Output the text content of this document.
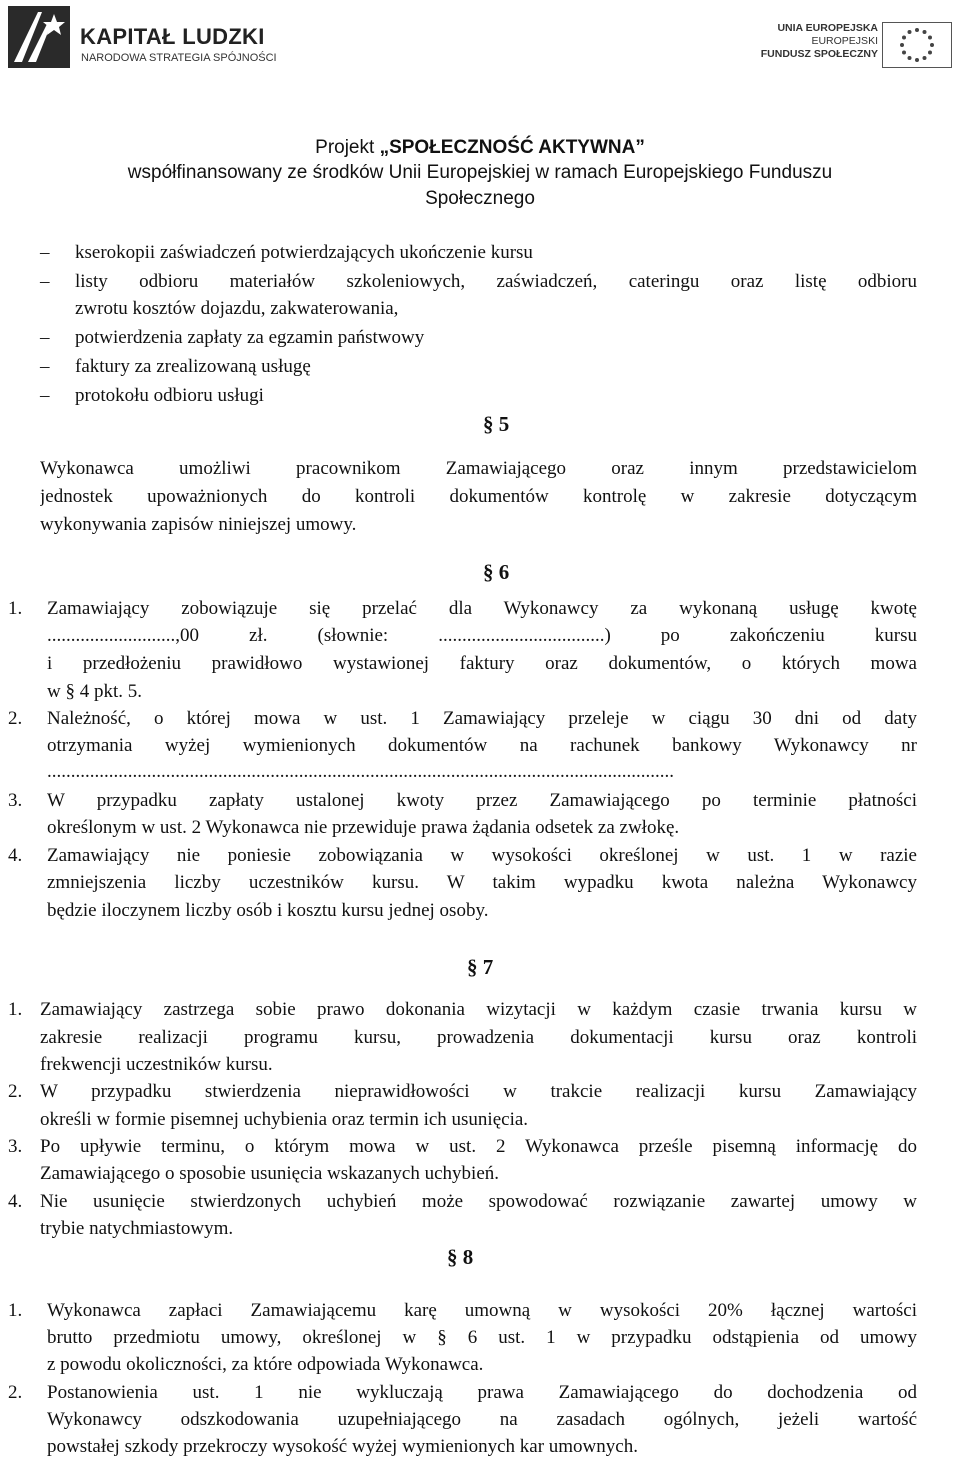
KAPITAŁ LUDZKI
NARODOWA STRATEGIA SPÓJNOŚCI
UNIA EUROPEJSKA
EUROPEJSKI
FUNDUSZ SPOŁECZNY
Projekt „SPOŁECZNOŚĆ AKTYWNA”
współfinansowany ze środków Unii Europejskiej w ramach Europejskiego Funduszu
Społecznego
– kserokopii zaświadczeń potwierdzających ukończenie kursu
– listy odbioru materiałów szkoleniowych, zaświadczeń, cateringu oraz listę odbioru
zwrotu kosztów dojazdu, zakwaterowania,
– potwierdzenia zapłaty za egzamin państwowy
– faktury za zrealizowaną usługę
– protokołu odbioru usługi
§ 5
Wykonawca umożliwi pracownikom Zamawiającego oraz innym przedstawicielom
jednostek upoważnionych do kontroli dokumentów kontrolę w zakresie dotyczącym
wykonywania zapisów niniejszej umowy.
§ 6
1. Zamawiający zobowiązuje się przelać dla Wykonawcy za wykonaną usługę kwotę
...........................,00 zł. (słownie: ...................................) po zakończeniu kursu
i przedłożeniu prawidłowo wystawionej faktury oraz dokumentów, o których mowa
w § 4 pkt. 5.
2. Należność, o której mowa w ust. 1 Zamawiający przeleje w ciągu 30 dni od daty
otrzymania wyżej wymienionych dokumentów na rachunek bankowy Wykonawcy nr
....................................................................................................................................
3. W przypadku zapłaty ustalonej kwoty przez Zamawiającego po terminie płatności
określonym w ust. 2 Wykonawca nie przewiduje prawa żądania odsetek za zwłokę.
4. Zamawiający nie poniesie zobowiązania w wysokości określonej w ust. 1 w razie
zmniejszenia liczby uczestników kursu. W takim wypadku kwota należna Wykonawcy
będzie iloczynem liczby osób i kosztu kursu jednej osoby.
§ 7
1. Zamawiający zastrzega sobie prawo dokonania wizytacji w każdym czasie trwania kursu w
zakresie realizacji programu kursu, prowadzenia dokumentacji kursu oraz kontroli
frekwencji uczestników kursu.
2. W przypadku stwierdzenia nieprawidłowości w trakcie realizacji kursu Zamawiający
określi w formie pisemnej uchybienia oraz termin ich usunięcia.
3. Po upływie terminu, o którym mowa w ust. 2 Wykonawca prześle pisemną informację do
Zamawiającego o sposobie usunięcia wskazanych uchybień.
4. Nie usunięcie stwierdzonych uchybień może spowodować rozwiązanie zawartej umowy w
trybie natychmiastowym.
§ 8
1. Wykonawca zapłaci Zamawiającemu karę umowną w wysokości 20% łącznej wartości
brutto przedmiotu umowy, określonej w § 6 ust. 1 w przypadku odstąpienia od umowy
z powodu okoliczności, za które odpowiada Wykonawca.
2. Postanowienia ust. 1 nie wykluczają prawa Zamawiającego do dochodzenia od
Wykonawcy odszkodowania uzupełniającego na zasadach ogólnych, jeżeli wartość
powstałej szkody przekroczy wysokość wyżej wymienionych kar umownych.
